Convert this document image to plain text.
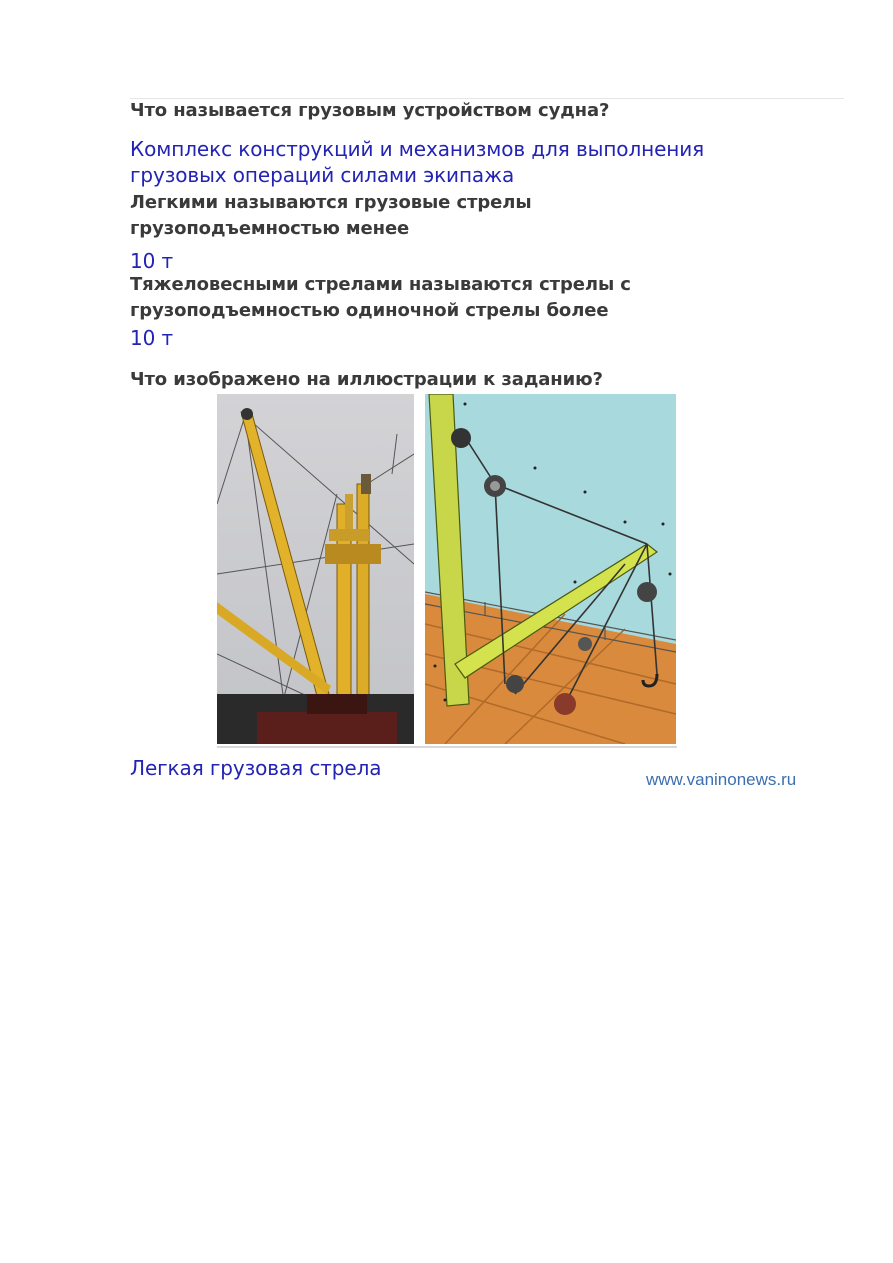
Что называется грузовым устройством судна?
Комплекс конструкций и механизмов для выполнения
грузовых операций силами экипажа
Легкими называются грузовые стрелы
грузоподъемностью менее
10 т
Тяжеловесными стрелами называются стрелы с
грузоподъемностью одиночной стрелы более
10 т
Что изображено на иллюстрации к заданию?
Легкая грузовая стрела	www.vaninonews.ru
